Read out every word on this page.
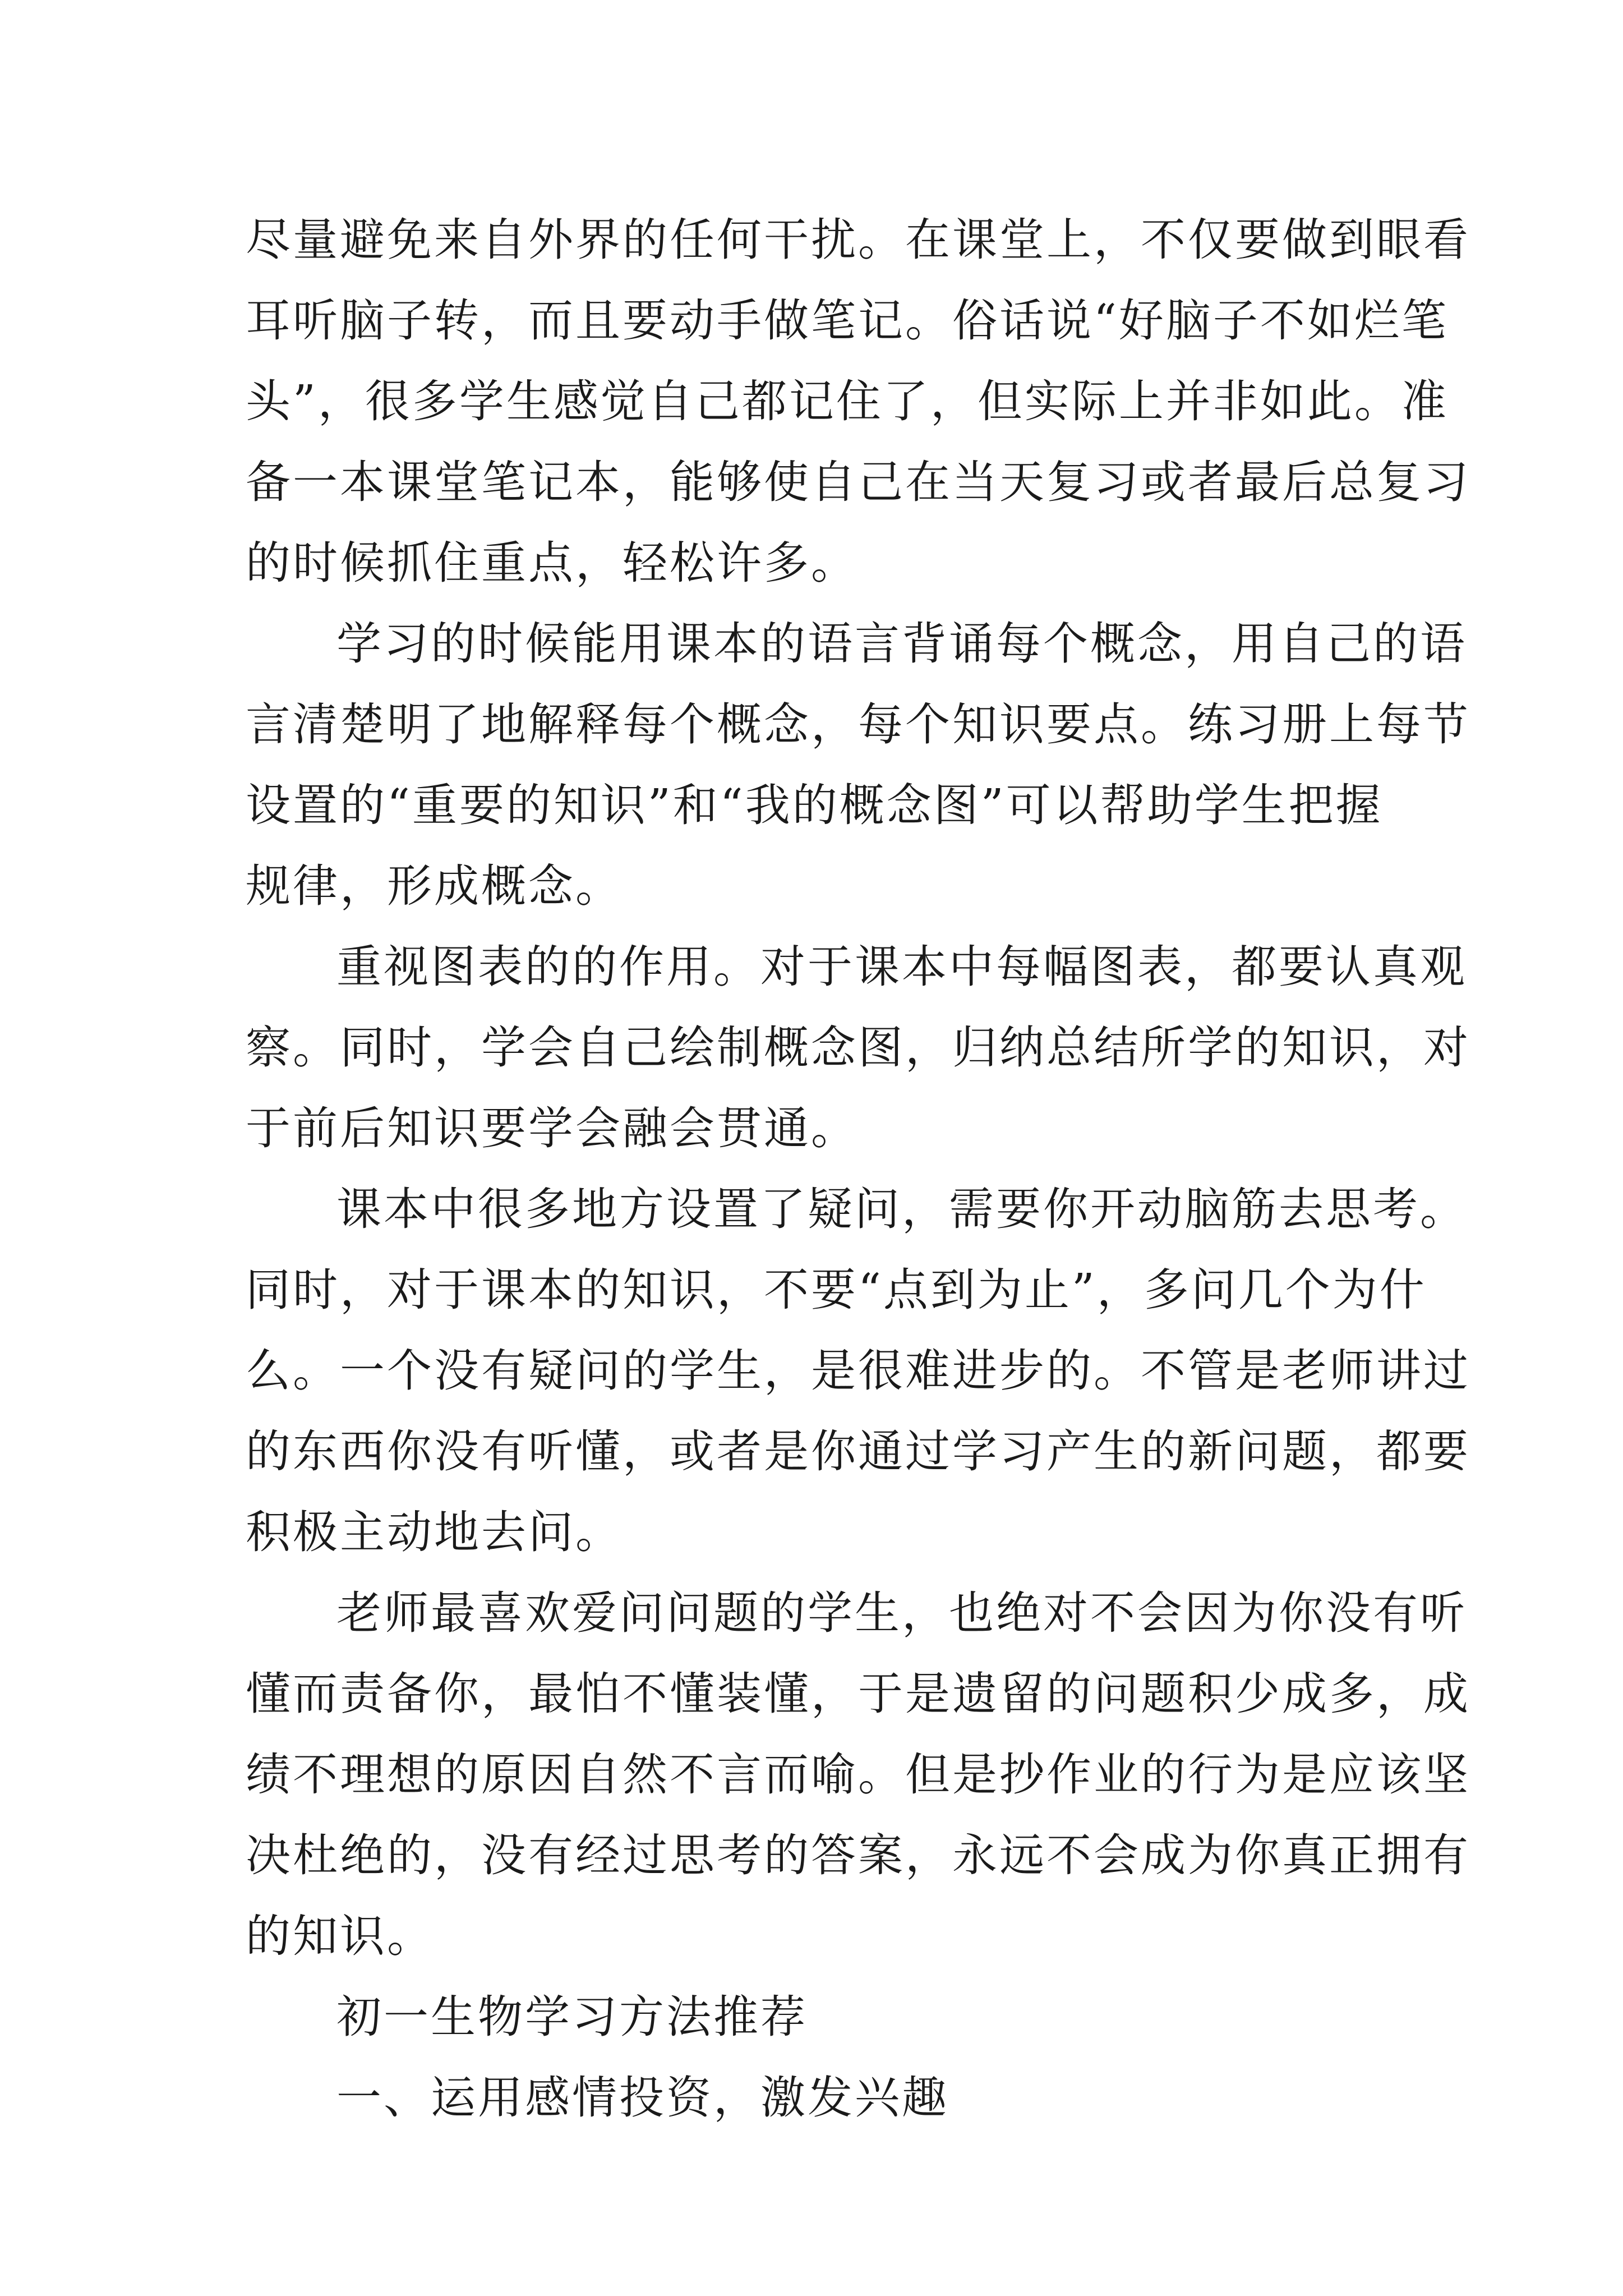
尽量避免来自外界的任何干扰。在课堂上，不仅要做到眼看
耳听脑子转，而且要动手做笔记。俗话说“好脑子不如烂笔
头”，很多学生感觉自己都记住了，但实际上并非如此。准
备一本课堂笔记本，能够使自己在当天复习或者最后总复习
的时候抓住重点，轻松许多。
学习的时候能用课本的语言背诵每个概念，用自己的语
言清楚明了地解释每个概念，每个知识要点。练习册上每节
设置的“重要的知识”和“我的概念图”可以帮助学生把握
规律，形成概念。
重视图表的的作用。对于课本中每幅图表，都要认真观
察。同时，学会自己绘制概念图，归纳总结所学的知识，对
于前后知识要学会融会贯通。
课本中很多地方设置了疑问，需要你开动脑筋去思考。
同时，对于课本的知识，不要“点到为止”，多问几个为什
么。一个没有疑问的学生，是很难进步的。不管是老师讲过
的东西你没有听懂，或者是你通过学习产生的新问题，都要
积极主动地去问。
老师最喜欢爱问问题的学生，也绝对不会因为你没有听
懂而责备你，最怕不懂装懂，于是遗留的问题积少成多，成
绩不理想的原因自然不言而喻。但是抄作业的行为是应该坚
决杜绝的，没有经过思考的答案，永远不会成为你真正拥有
的知识。
初一生物学习方法推荐
一、运用感情投资，激发兴趣
